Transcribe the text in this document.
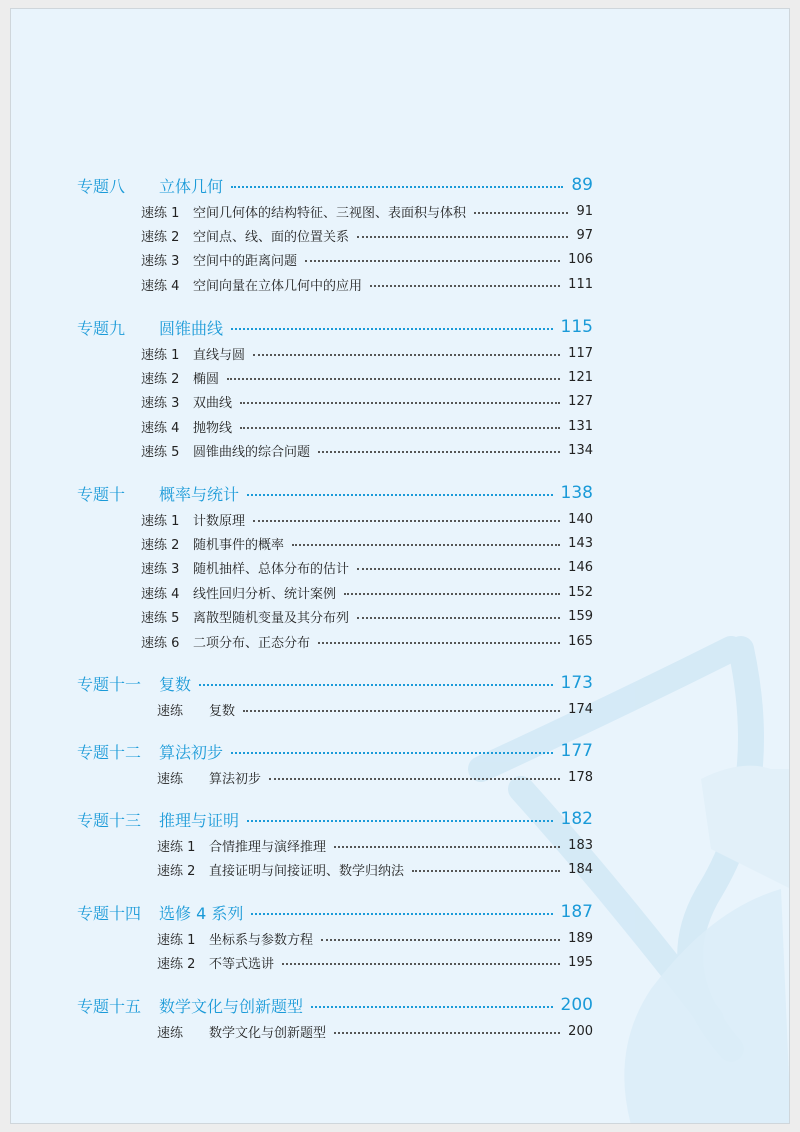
专题八	立体几何	89
速练 1	空间几何体的结构特征、三视图、表面积与体积	91
速练 2	空间点、线、面的位置关系	97
速练 3	空间中的距离问题	106
速练 4	空间向量在立体几何中的应用	111
专题九	圆锥曲线	115
速练 1	直线与圆	117
速练 2	椭圆	121
速练 3	双曲线	127
速练 4	抛物线	131
速练 5	圆锥曲线的综合问题	134
专题十	概率与统计	138
速练 1	计数原理	140
速练 2	随机事件的概率	143
速练 3	随机抽样、总体分布的估计	146
速练 4	线性回归分析、统计案例	152
速练 5	离散型随机变量及其分布列	159
速练 6	二项分布、正态分布	165
专题十一	复数	173
速练	复数	174
专题十二	算法初步	177
速练	算法初步	178
专题十三	推理与证明	182
速练 1	合情推理与演绎推理	183
速练 2	直接证明与间接证明、数学归纳法	184
专题十四	选修 4 系列	187
速练 1	坐标系与参数方程	189
速练 2	不等式选讲	195
专题十五	数学文化与创新题型	200
速练	数学文化与创新题型	200
